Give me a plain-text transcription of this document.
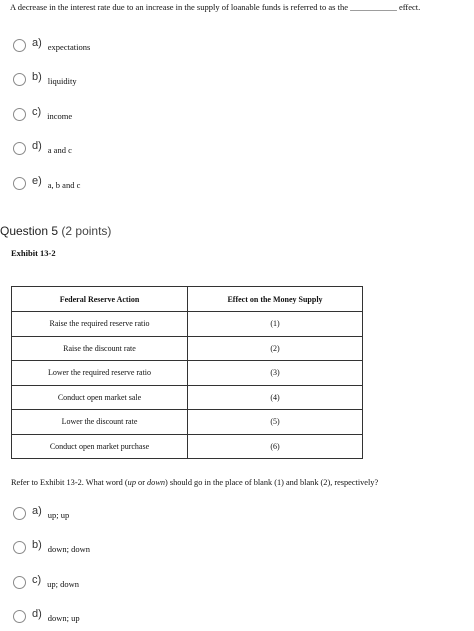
A decrease in the interest rate due to an increase in the supply of loanable funds is referred to as the ___________ effect.
a) expectations
b) liquidity
c) income
d) a and c
e) a, b and c
Question 5 (2 points)
Exhibit 13-2
Federal Reserve Action	Effect on the Money Supply
Raise the required reserve ratio	(1)
Raise the discount rate	(2)
Lower the required reserve ratio	(3)
Conduct open market sale	(4)
Lower the discount rate	(5)
Conduct open market purchase	(6)
Refer to Exhibit 13-2. What word (up or down) should go in the place of blank (1) and blank (2), respectively?
a) up; up
b) down; down
c) up; down
d) down; up
